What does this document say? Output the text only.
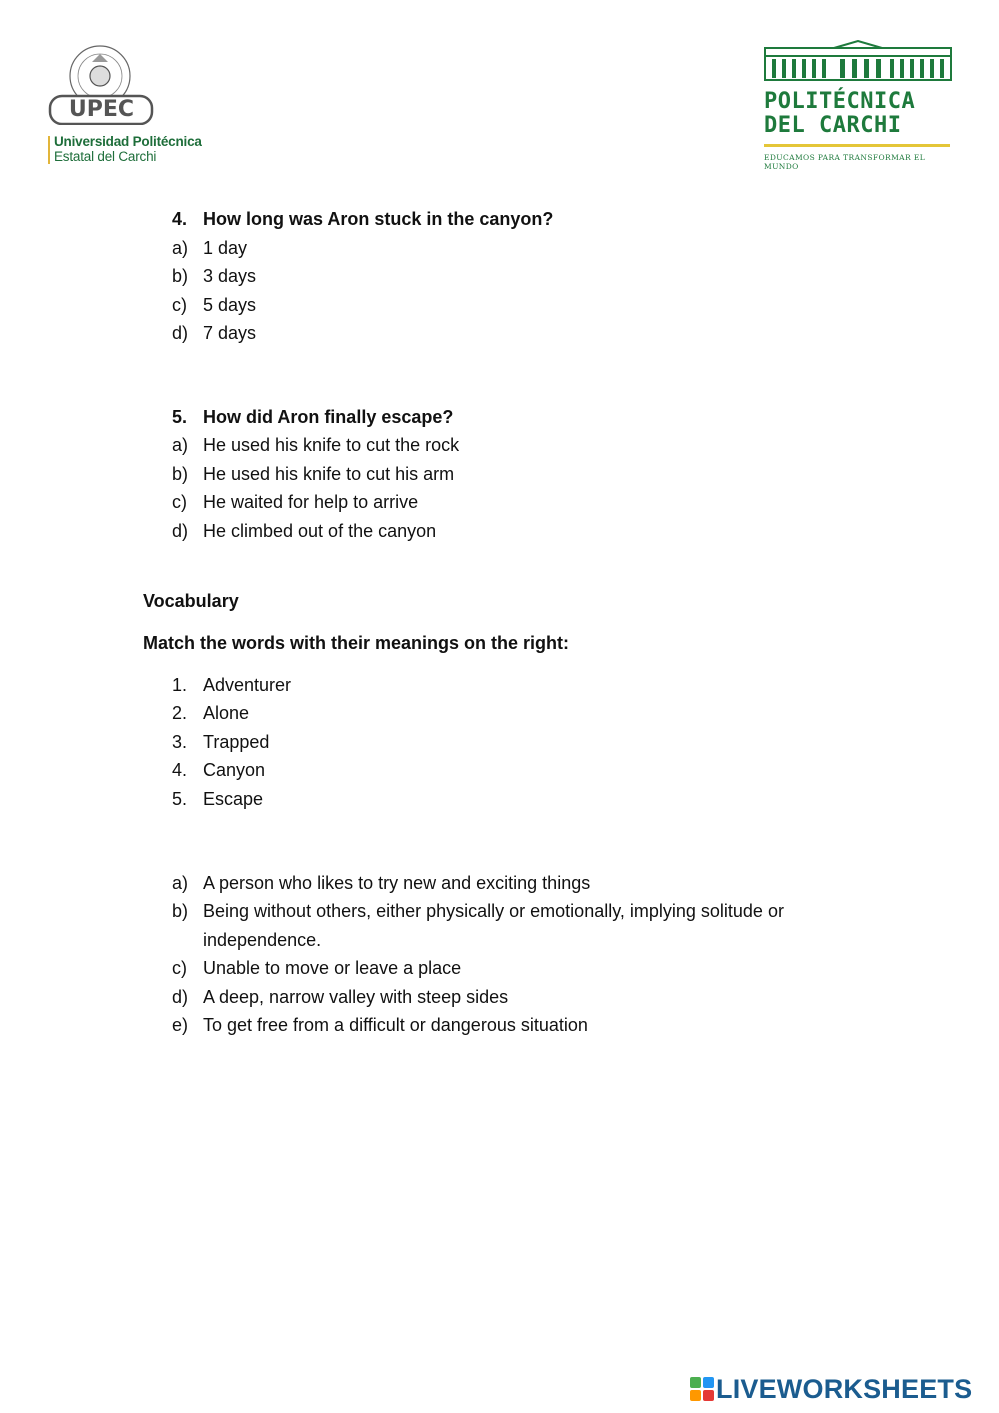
UPEC
Universidad Politécnica
Estatal del Carchi
POLITÉCNICA
DEL CARCHI
EDUCAMOS PARA TRANSFORMAR EL MUNDO
4. How long was Aron stuck in the canyon?
a) 1 day
b) 3 days
c) 5 days
d) 7 days
5. How did Aron finally escape?
a) He used his knife to cut the rock
b) He used his knife to cut his arm
c) He waited for help to arrive
d) He climbed out of the canyon
Vocabulary
Match the words with their meanings on the right:
1. Adventurer
2. Alone
3. Trapped
4. Canyon
5. Escape
a) A person who likes to try new and exciting things
b) Being without others, either physically or emotionally, implying solitude or
independence.
c) Unable to move or leave a place
d) A deep, narrow valley with steep sides
e) To get free from a difficult or dangerous situation
LIVEWORKSHEETS
